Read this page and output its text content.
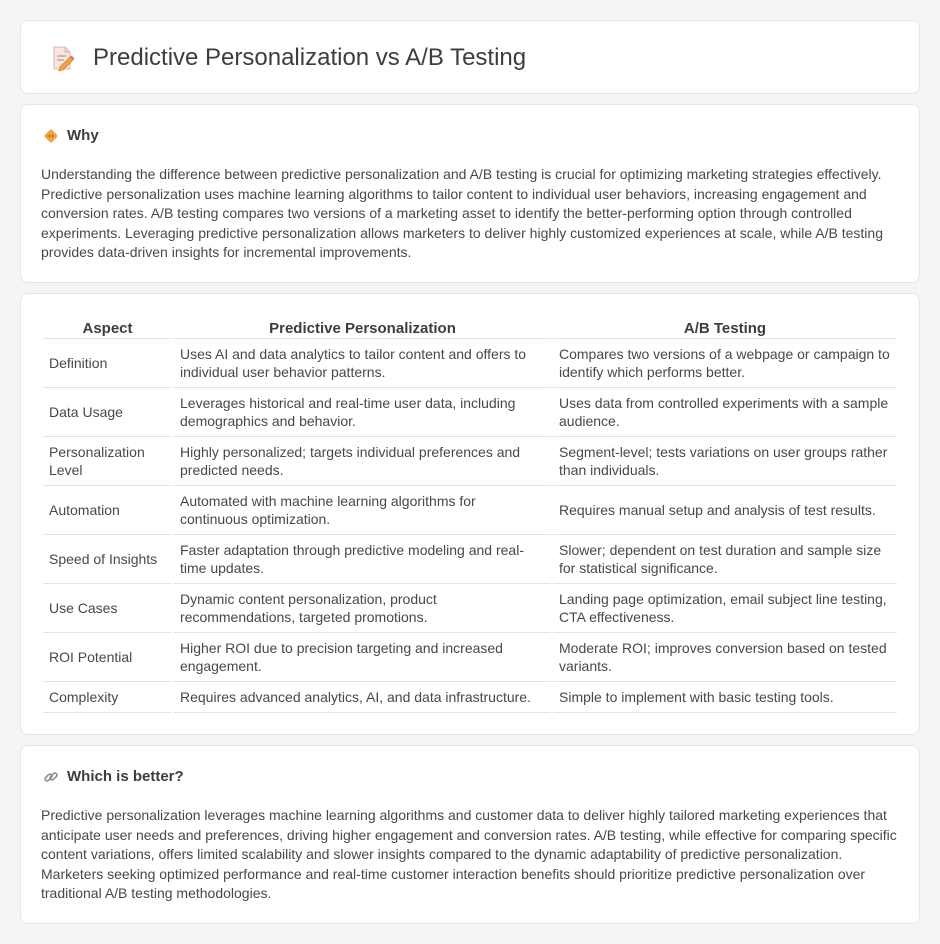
Predictive Personalization vs A/B Testing
Why

Understanding the difference between predictive personalization and A/B testing is crucial for optimizing marketing strategies effectively. Predictive personalization uses machine learning algorithms to tailor content to individual user behaviors, increasing engagement and conversion rates. A/B testing compares two versions of a marketing asset to identify the better-performing option through controlled experiments. Leveraging predictive personalization allows marketers to deliver highly customized experiences at scale, while A/B testing provides data-driven insights for incremental improvements.

Aspect	Predictive Personalization	A/B Testing
Definition	Uses AI and data analytics to tailor content and offers to individual user behavior patterns.	Compares two versions of a webpage or campaign to identify which performs better.
Data Usage	Leverages historical and real-time user data, including demographics and behavior.	Uses data from controlled experiments with a sample audience.
Personalization Level	Highly personalized; targets individual preferences and predicted needs.	Segment-level; tests variations on user groups rather than individuals.
Automation	Automated with machine learning algorithms for continuous optimization.	Requires manual setup and analysis of test results.
Speed of Insights	Faster adaptation through predictive modeling and real-time updates.	Slower; dependent on test duration and sample size for statistical significance.
Use Cases	Dynamic content personalization, product recommendations, targeted promotions.	Landing page optimization, email subject line testing, CTA effectiveness.
ROI Potential	Higher ROI due to precision targeting and increased engagement.	Moderate ROI; improves conversion based on tested variants.
Complexity	Requires advanced analytics, AI, and data infrastructure.	Simple to implement with basic testing tools.
Which is better?

Predictive personalization leverages machine learning algorithms and customer data to deliver highly tailored marketing experiences that anticipate user needs and preferences, driving higher engagement and conversion rates. A/B testing, while effective for comparing specific content variations, offers limited scalability and slower insights compared to the dynamic adaptability of predictive personalization. Marketers seeking optimized performance and real-time customer interaction benefits should prioritize predictive personalization over traditional A/B testing methodologies.
